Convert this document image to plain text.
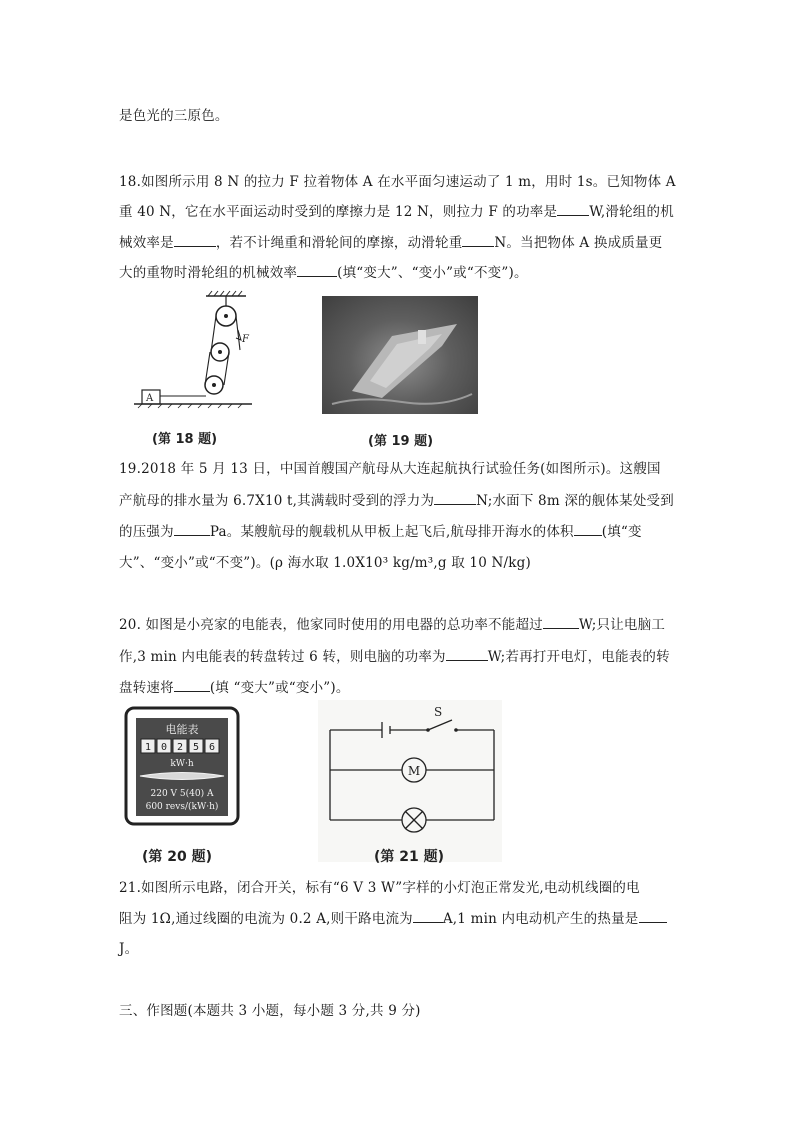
是色光的三原色。
18.如图所示用 8 N 的拉力 F 拉着物体 A 在水平面匀速运动了 1 m，用时 1s。已知物体 A
重 40 N，它在水平面运动时受到的摩擦力是 12 N，则拉力 F 的功率是 W,滑轮组的机
械效率是	，若不计绳重和滑轮间的摩擦，动滑轮重 N。当把物体 A 换成质量更
大的重物时滑轮组的机械效率	(填“变大”、“变小”或“不变”)。
F
A
(第 18 题)	(第 19 题)
19.2018 年 5 月 13 日，中国首艘国产航母从大连起航执行试验任务(如图所示)。这艘国
产航母的排水量为 6.7X10 t,其满载时受到的浮力为	N;水面下 8m 深的舰体某处受到
的压强为	Pa。某艘航母的舰载机从甲板上起飞后,航母排开海水的体积 (填“变
大”、“变小”或“不变”)。(ρ 海水取 1.0X10³ kg/m³,g 取 10 N/kg)
20. 如图是小亮家的电能表，他家同时使用的用电器的总功率不能超过	W;只让电脑工
作,3 min 内电能表的转盘转过 6 转，则电脑的功率为	W;若再打开电灯，电能表的转
盘转速将	(填 “变大”或“变小”)。
电能表
1 0 2 5 6
kW·h
220 V 5(40) A
600 revs/(kW·h)
(第 20 题)
S
M
(第 21 题)
21.如图所示电路，闭合开关，标有“6 V 3 W”字样的小灯泡正常发光,电动机线圈的电
阻为 1Ω,通过线圈的电流为 0.2 A,则干路电流为 A,1 min 内电动机产生的热量是
J。
三、作图题(本题共 3 小题，每小题 3 分,共 9 分)
